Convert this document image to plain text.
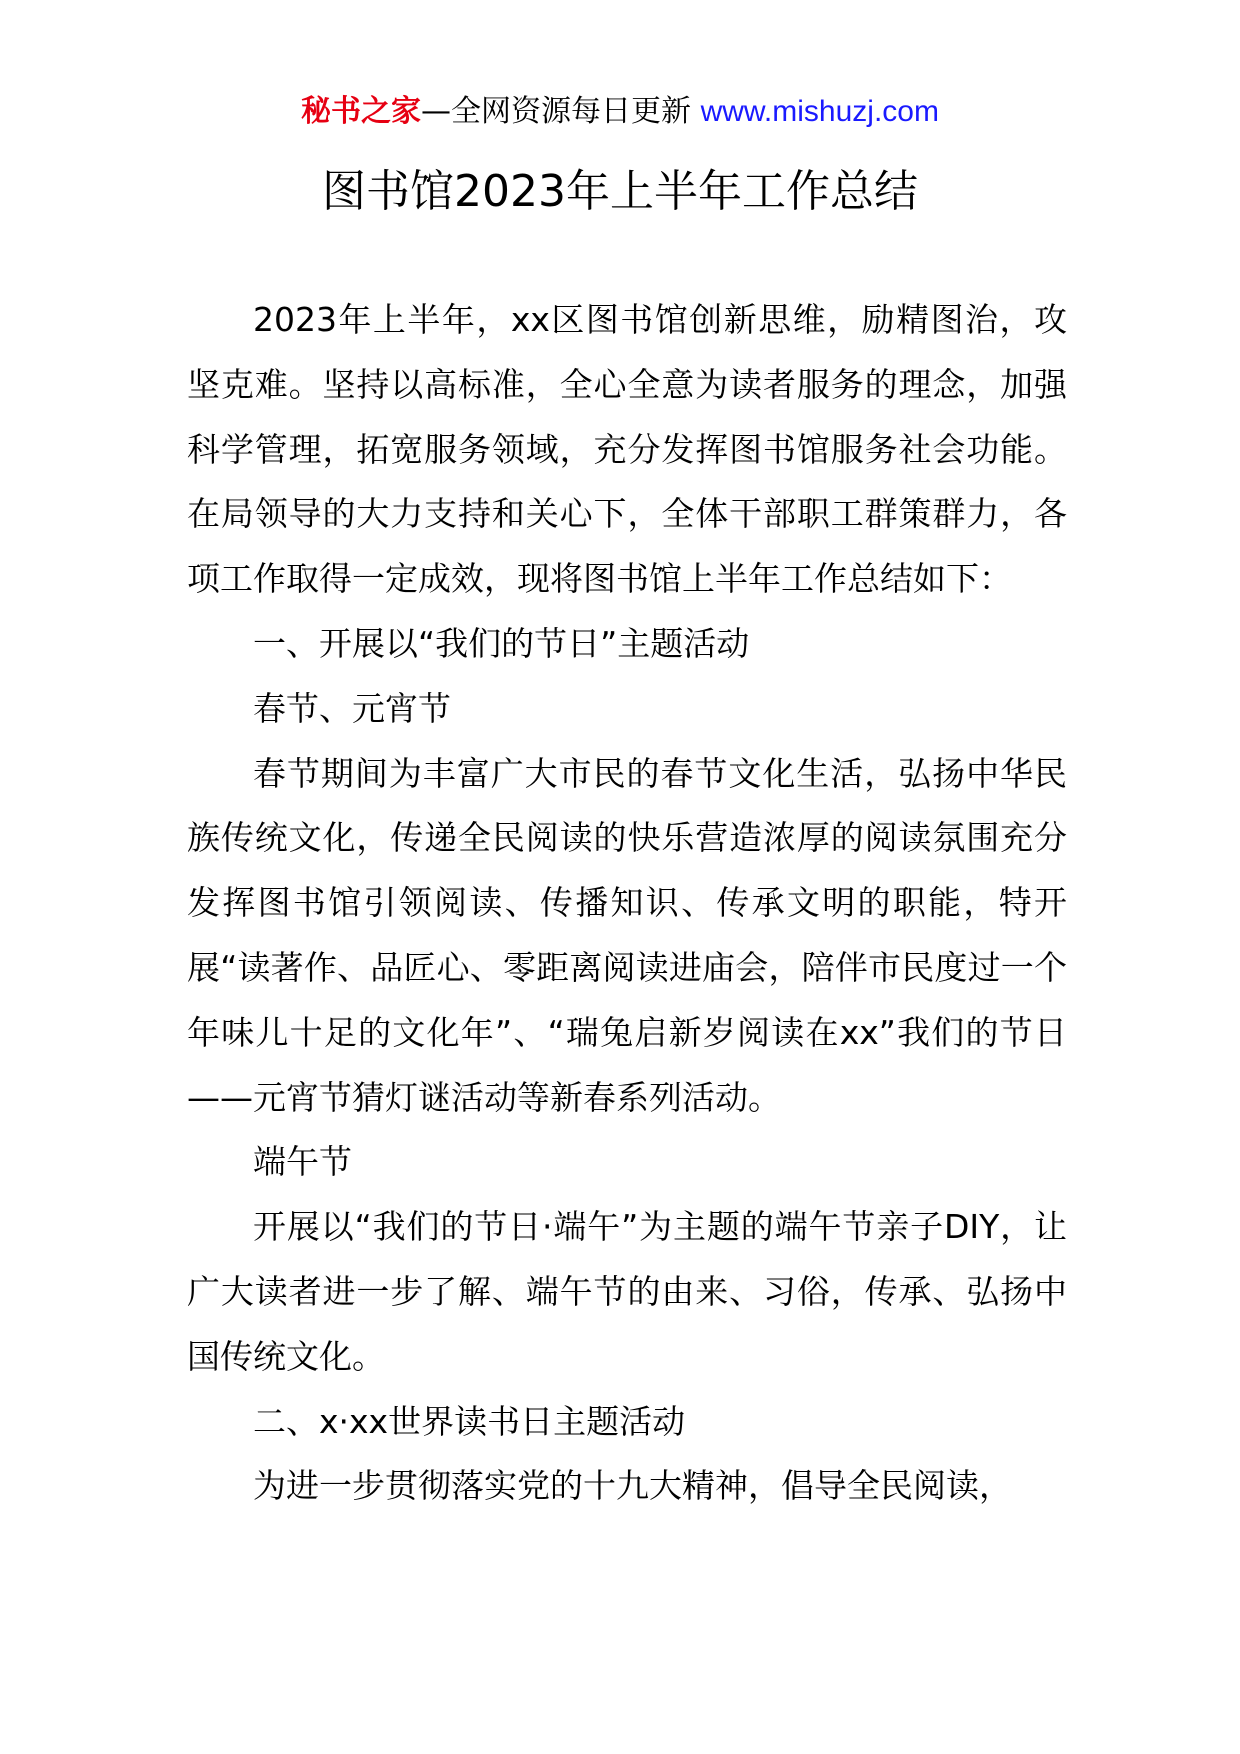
秘书之家—全网资源每日更新 www.mishuzj.com
图书馆2023年上半年工作总结

2023年上半年，xx区图书馆创新思维，励精图治，攻坚克难。坚持以高标准，全心全意为读者服务的理念，加强科学管理，拓宽服务领域，充分发挥图书馆服务社会功能。在局领导的大力支持和关心下，全体干部职工群策群力，各项工作取得一定成效，现将图书馆上半年工作总结如下：

一、开展以“我们的节日”主题活动

春节、元宵节

春节期间为丰富广大市民的春节文化生活，弘扬中华民族传统文化，传递全民阅读的快乐营造浓厚的阅读氛围充分发挥图书馆引领阅读、传播知识、传承文明的职能，特开展“读著作、品匠心、零距离阅读进庙会，陪伴市民度过一个年味儿十足的文化年”、“瑞兔启新岁阅读在xx”我们的节日——元宵节猜灯谜活动等新春系列活动。

端午节

开展以“我们的节日·端午”为主题的端午节亲子DIY，让广大读者进一步了解、端午节的由来、习俗，传承、弘扬中国传统文化。

二、x·xx世界读书日主题活动

为进一步贯彻落实党的十九大精神，倡导全民阅读，
